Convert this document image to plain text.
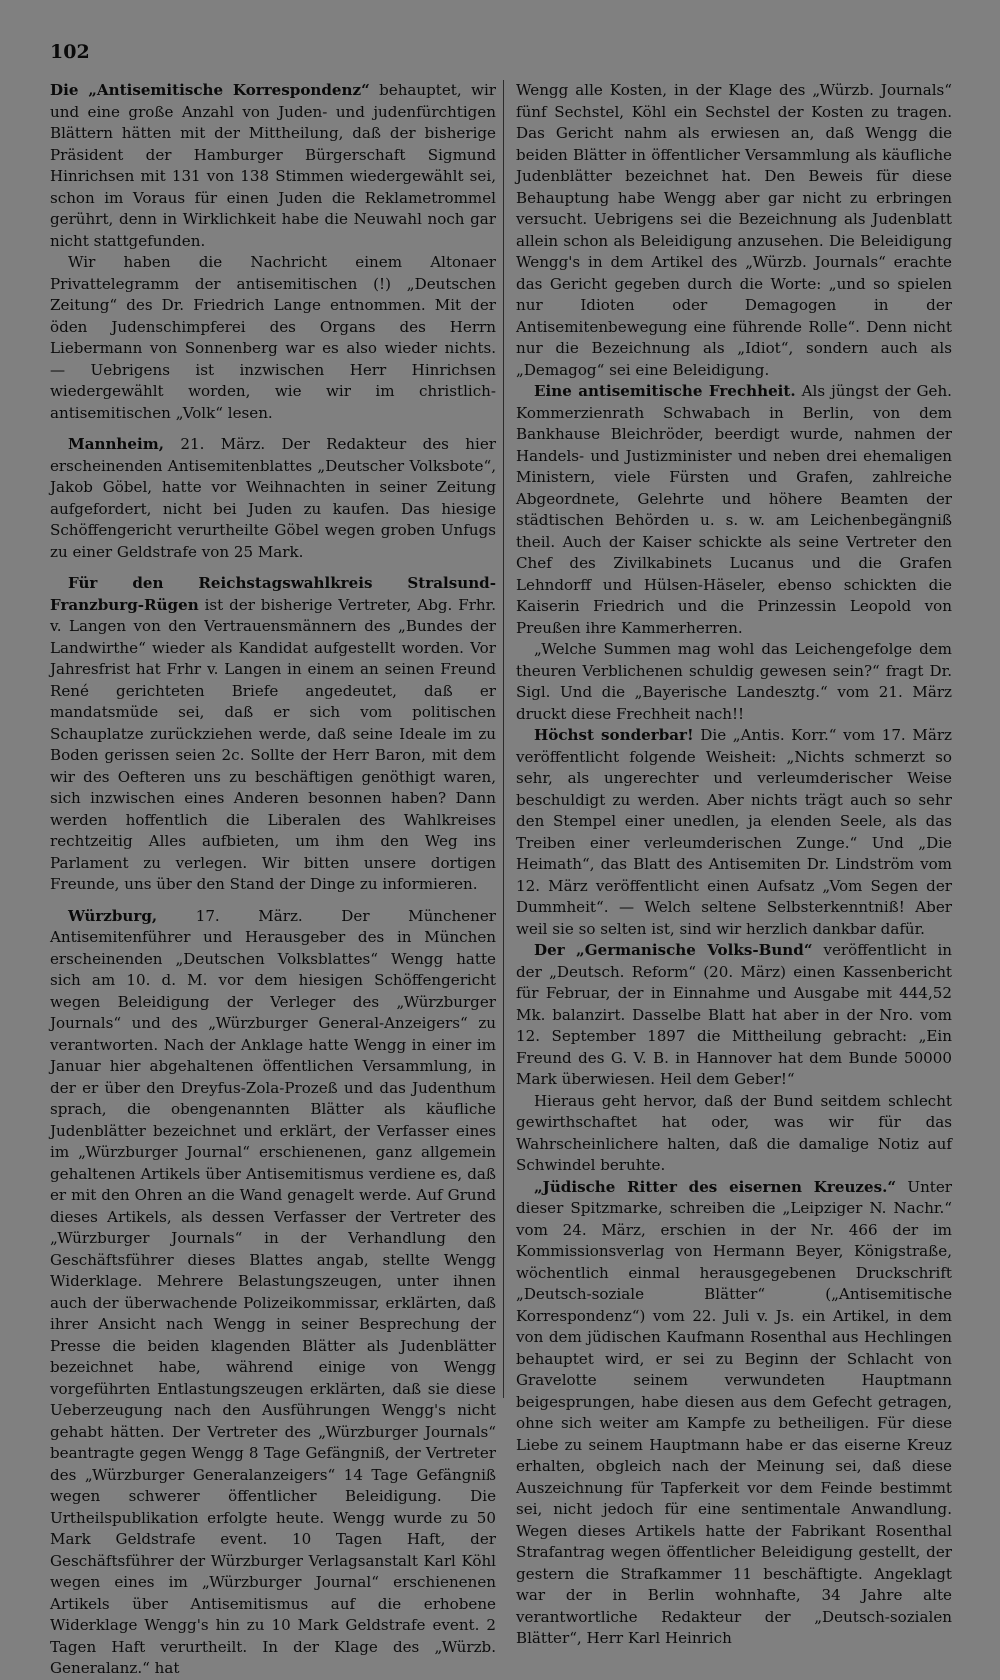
102

Die „Antisemitische Korrespondenz“ behauptet, wir und eine große Anzahl von Juden- und judenfürchtigen Blättern hätten mit der Mittheilung, daß der bisherige Präsident der Hamburger Bürgerschaft Sigmund Hinrichsen mit 131 von 138 Stimmen wiedergewählt sei, schon im Voraus für einen Juden die Reklametrommel gerührt, denn in Wirklichkeit habe die Neuwahl noch gar nicht stattgefunden.

Wir haben die Nachricht einem Altonaer Privattelegramm der antisemitischen (!) „Deutschen Zeitung“ des Dr. Friedrich Lange entnommen. Mit der öden Judenschimpferei des Organs des Herrn Liebermann von Sonnenberg war es also wieder nichts. — Uebrigens ist inzwischen Herr Hinrichsen wiedergewählt worden, wie wir im christlich-antisemitischen „Volk“ lesen.

Mannheim, 21. März. Der Redakteur des hier erscheinenden Antisemitenblattes „Deutscher Volksbote“, Jakob Göbel, hatte vor Weihnachten in seiner Zeitung aufgefordert, nicht bei Juden zu kaufen. Das hiesige Schöffengericht verurtheilte Göbel wegen groben Unfugs zu einer Geldstrafe von 25 Mark.

Für den Reichstagswahlkreis Stralsund-Franzburg-Rügen ist der bisherige Vertreter, Abg. Frhr. v. Langen von den Vertrauensmännern des „Bundes der Landwirthe“ wieder als Kandidat aufgestellt worden. Vor Jahresfrist hat Frhr v. Langen in einem an seinen Freund René gerichteten Briefe angedeutet, daß er mandatsmüde sei, daß er sich vom politischen Schauplatze zurückziehen werde, daß seine Ideale im zu Boden gerissen seien 2c. Sollte der Herr Baron, mit dem wir des Oefteren uns zu beschäftigen genöthigt waren, sich inzwischen eines Anderen besonnen haben? Dann werden hoffentlich die Liberalen des Wahlkreises rechtzeitig Alles aufbieten, um ihm den Weg ins Parlament zu verlegen. Wir bitten unsere dortigen Freunde, uns über den Stand der Dinge zu informieren.

Würzburg, 17. März. Der Münchener Antisemitenführer und Herausgeber des in München erscheinenden „Deutschen Volksblattes“ Wengg hatte sich am 10. d. M. vor dem hiesigen Schöffengericht wegen Beleidigung der Verleger des „Würzburger Journals“ und des „Würzburger General-Anzeigers“ zu verantworten. Nach der Anklage hatte Wengg in einer im Januar hier abgehaltenen öffentlichen Versammlung, in der er über den Dreyfus-Zola-Prozeß und das Judenthum sprach, die obengenannten Blätter als käufliche Judenblätter bezeichnet und erklärt, der Verfasser eines im „Würzburger Journal“ erschienenen, ganz allgemein gehaltenen Artikels über Antisemitismus verdiene es, daß er mit den Ohren an die Wand genagelt werde. Auf Grund dieses Artikels, als dessen Verfasser der Vertreter des „Würzburger Journals“ in der Verhandlung den Geschäftsführer dieses Blattes angab, stellte Wengg Widerklage. Mehrere Belastungszeugen, unter ihnen auch der überwachende Polizeikommissar, erklärten, daß ihrer Ansicht nach Wengg in seiner Besprechung der Presse die beiden klagenden Blätter als Judenblätter bezeichnet habe, während einige von Wengg vorgeführten Entlastungszeugen erklärten, daß sie diese Ueberzeugung nach den Ausführungen Wengg's nicht gehabt hätten. Der Vertreter des „Würzburger Journals“ beantragte gegen Wengg 8 Tage Gefängniß, der Vertreter des „Würzburger Generalanzeigers“ 14 Tage Gefängniß wegen schwerer öffentlicher Beleidigung. Die Urtheilspublikation erfolgte heute. Wengg wurde zu 50 Mark Geldstrafe event. 10 Tagen Haft, der Geschäftsführer der Würzburger Verlagsanstalt Karl Köhl wegen eines im „Würzburger Journal“ erschienenen Artikels über Antisemitismus auf die erhobene Widerklage Wengg's hin zu 10 Mark Geldstrafe event. 2 Tagen Haft verurtheilt. In der Klage des „Würzb. Generalanz.“ hat

Wengg alle Kosten, in der Klage des „Würzb. Journals“ fünf Sechstel, Köhl ein Sechstel der Kosten zu tragen. Das Gericht nahm als erwiesen an, daß Wengg die beiden Blätter in öffentlicher Versammlung als käufliche Judenblätter bezeichnet hat. Den Beweis für diese Behauptung habe Wengg aber gar nicht zu erbringen versucht. Uebrigens sei die Bezeichnung als Judenblatt allein schon als Beleidigung anzusehen. Die Beleidigung Wengg's in dem Artikel des „Würzb. Journals“ erachte das Gericht gegeben durch die Worte: „und so spielen nur Idioten oder Demagogen in der Antisemitenbewegung eine führende Rolle“. Denn nicht nur die Bezeichnung als „Idiot“, sondern auch als „Demagog“ sei eine Beleidigung.

Eine antisemitische Frechheit. Als jüngst der Geh. Kommerzienrath Schwabach in Berlin, von dem Bankhause Bleichröder, beerdigt wurde, nahmen der Handels- und Justizminister und neben drei ehemaligen Ministern, viele Fürsten und Grafen, zahlreiche Abgeordnete, Gelehrte und höhere Beamten der städtischen Behörden u. s. w. am Leichenbegängniß theil. Auch der Kaiser schickte als seine Vertreter den Chef des Zivilkabinets Lucanus und die Grafen Lehndorff und Hülsen-Häseler, ebenso schickten die Kaiserin Friedrich und die Prinzessin Leopold von Preußen ihre Kammerherren.

„Welche Summen mag wohl das Leichengefolge dem theuren Verblichenen schuldig gewesen sein?“ fragt Dr. Sigl. Und die „Bayerische Landesztg.“ vom 21. März druckt diese Frechheit nach!!

Höchst sonderbar! Die „Antis. Korr.“ vom 17. März veröffentlicht folgende Weisheit: „Nichts schmerzt so sehr, als ungerechter und verleumderischer Weise beschuldigt zu werden. Aber nichts trägt auch so sehr den Stempel einer unedlen, ja elenden Seele, als das Treiben einer verleumderischen Zunge.“ Und „Die Heimath“, das Blatt des Antisemiten Dr. Lindström vom 12. März veröffentlicht einen Aufsatz „Vom Segen der Dummheit“. — Welch seltene Selbsterkenntniß! Aber weil sie so selten ist, sind wir herzlich dankbar dafür.

Der „Germanische Volks-Bund“ veröffentlicht in der „Deutsch. Reform“ (20. März) einen Kassenbericht für Februar, der in Einnahme und Ausgabe mit 444,52 Mk. balanzirt. Dasselbe Blatt hat aber in der Nro. vom 12. September 1897 die Mittheilung gebracht: „Ein Freund des G. V. B. in Hannover hat dem Bunde 50000 Mark überwiesen. Heil dem Geber!“

Hieraus geht hervor, daß der Bund seitdem schlecht gewirthschaftet hat oder, was wir für das Wahrscheinlichere halten, daß die damalige Notiz auf Schwindel beruhte.

„Jüdische Ritter des eisernen Kreuzes.“ Unter dieser Spitzmarke, schreiben die „Leipziger N. Nachr.“ vom 24. März, erschien in der Nr. 466 der im Kommissionsverlag von Hermann Beyer, Königstraße, wöchentlich einmal herausgegebenen Druckschrift „Deutsch-soziale Blätter“ („Antisemitische Korrespondenz“) vom 22. Juli v. Js. ein Artikel, in dem von dem jüdischen Kaufmann Rosenthal aus Hechlingen behauptet wird, er sei zu Beginn der Schlacht von Gravelotte seinem verwundeten Hauptmann beigesprungen, habe diesen aus dem Gefecht getragen, ohne sich weiter am Kampfe zu betheiligen. Für diese Liebe zu seinem Hauptmann habe er das eiserne Kreuz erhalten, obgleich nach der Meinung sei, daß diese Auszeichnung für Tapferkeit vor dem Feinde bestimmt sei, nicht jedoch für eine sentimentale Anwandlung. Wegen dieses Artikels hatte der Fabrikant Rosenthal Strafantrag wegen öffentlicher Beleidigung gestellt, der gestern die Strafkammer 11 beschäftigte. Angeklagt war der in Berlin wohnhafte, 34 Jahre alte verantwortliche Redakteur der „Deutsch-sozialen Blätter“, Herr Karl Heinrich
